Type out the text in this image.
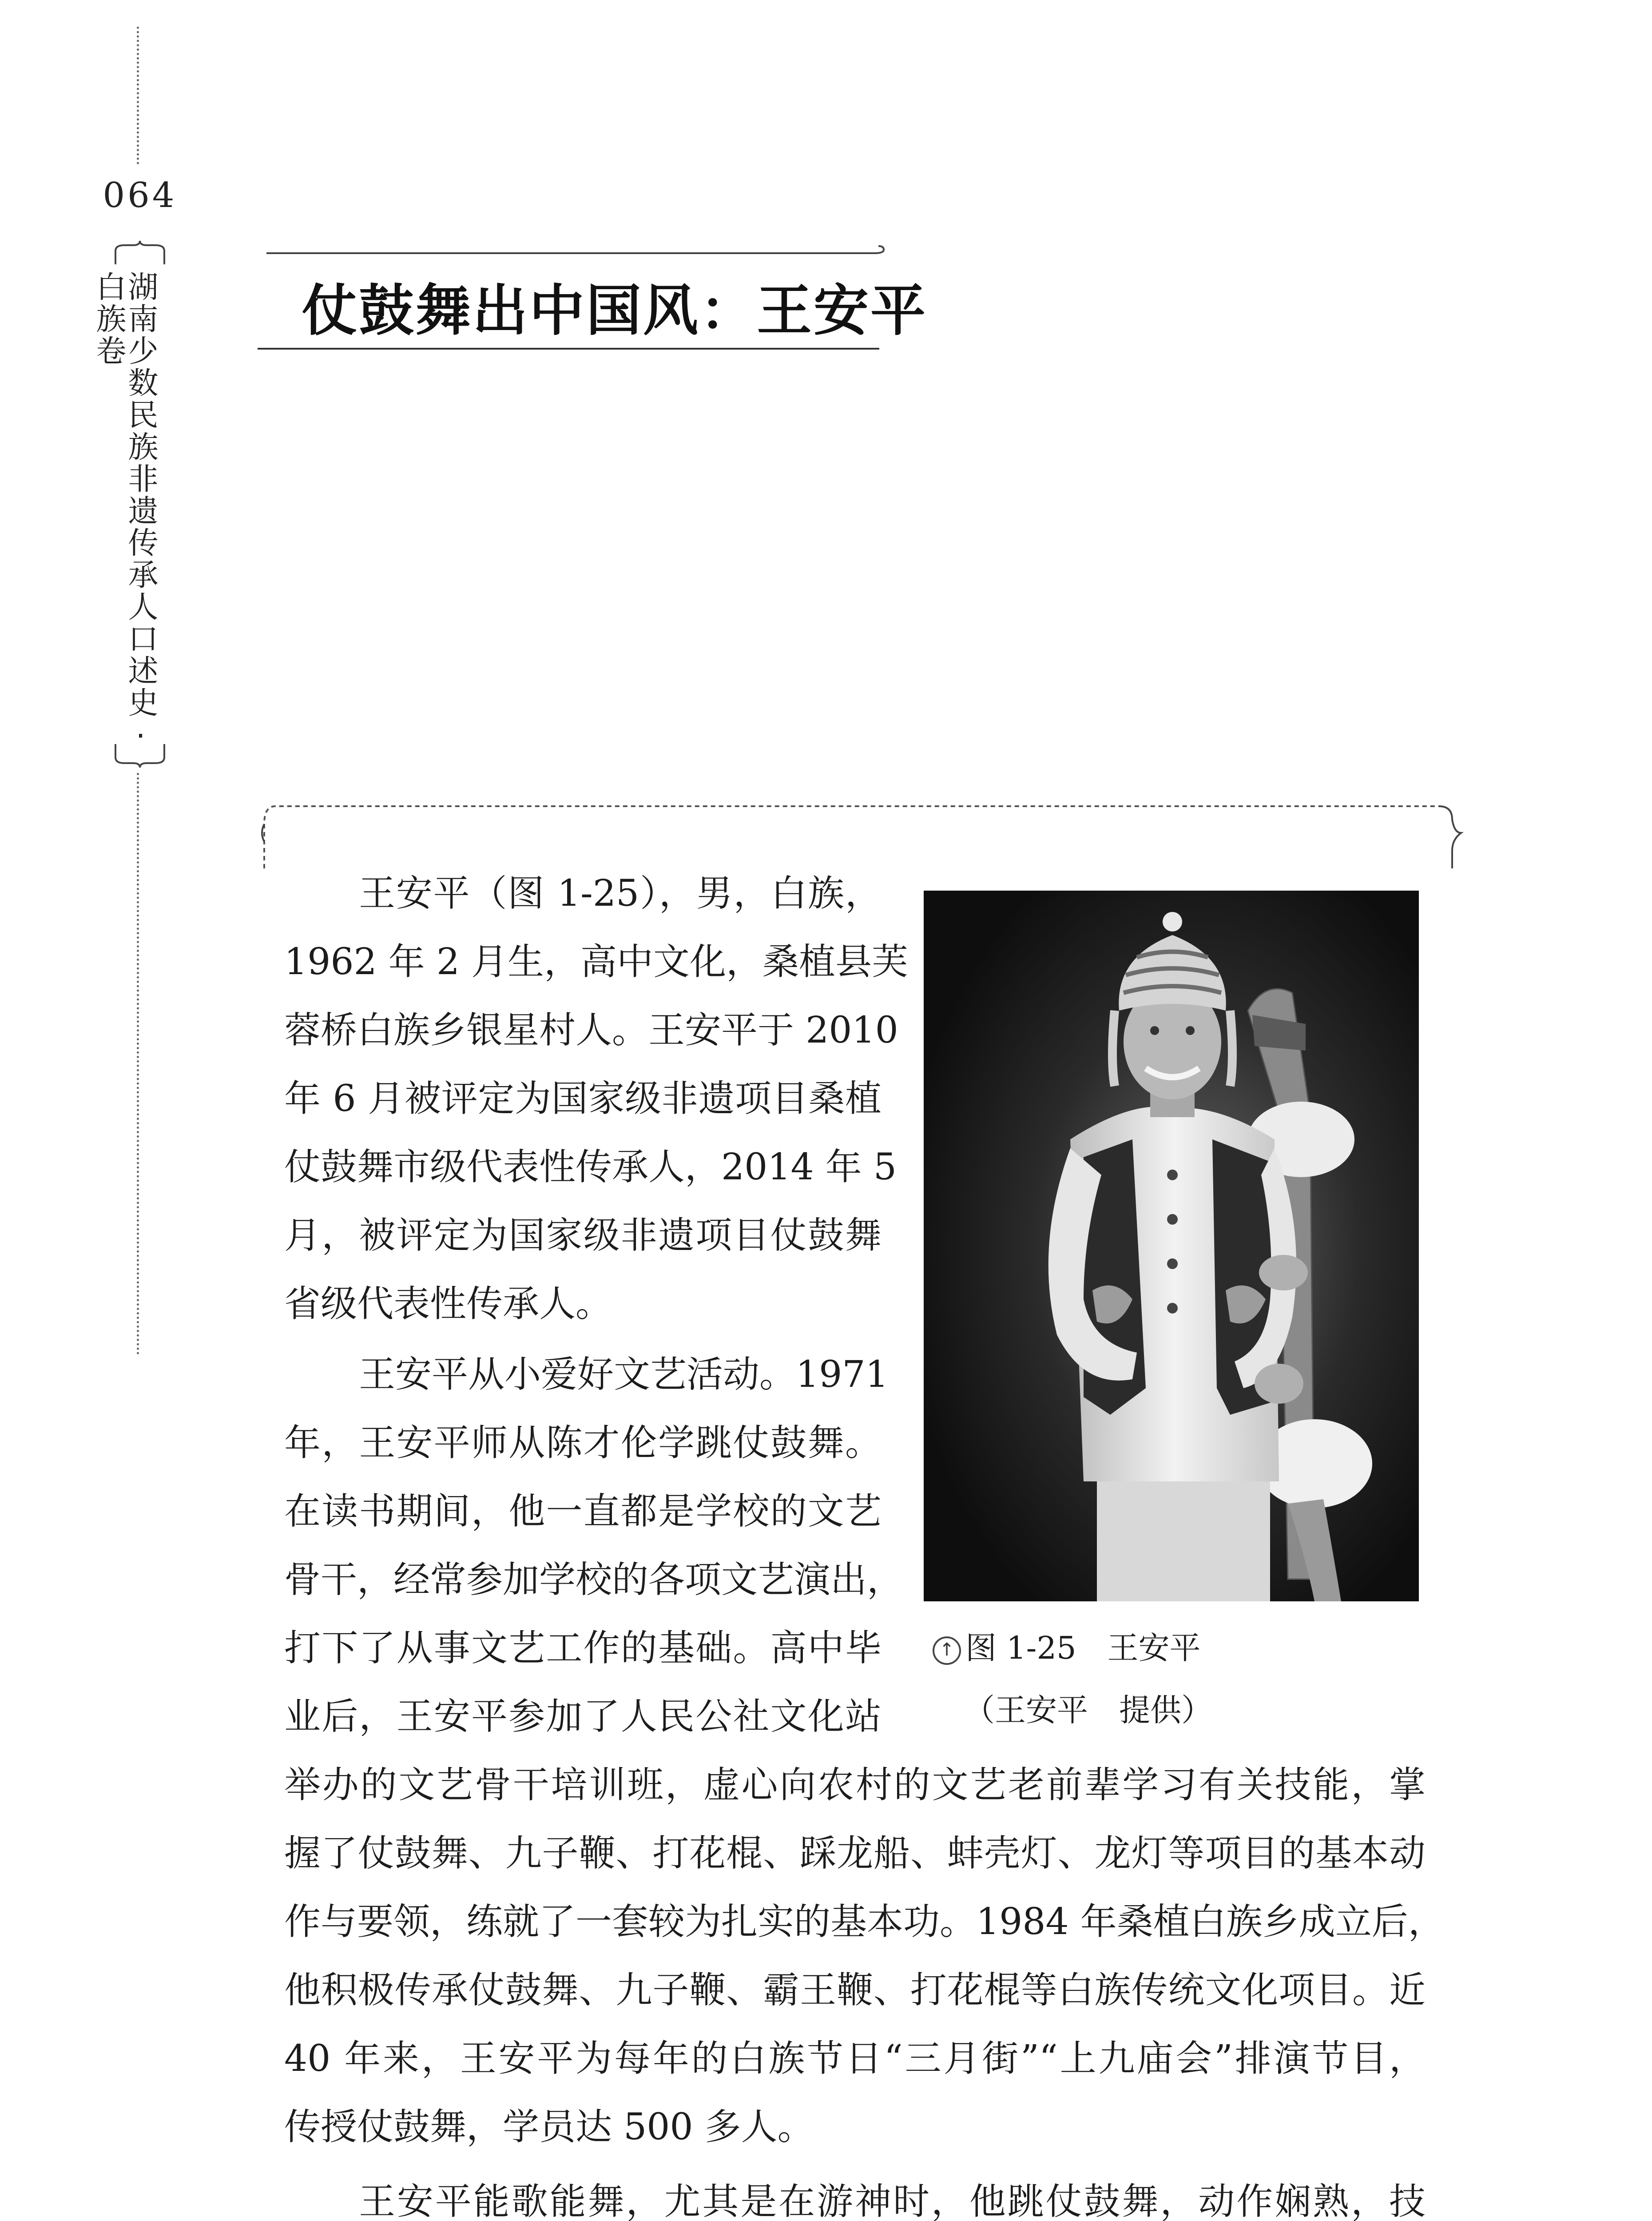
064
湖南少数民族非遗传承人口述史·白族卷	仗鼓舞出中国风：王安平
王安平（图 1-25），男，白族，
1962 年 2 月生，高中文化，桑植县芙
蓉桥白族乡银星村人。王安平于 2010
年 6 月被评定为国家级非遗项目桑植
仗鼓舞市级代表性传承人，2014 年 5
月，被评定为国家级非遗项目仗鼓舞
省级代表性传承人。
王安平从小爱好文艺活动。1971
年，王安平师从陈才伦学跳仗鼓舞。
在读书期间，他一直都是学校的文艺
骨干，经常参加学校的各项文艺演出，
打下了从事文艺工作的基础。高中毕
业后，王安平参加了人民公社文化站
举办的文艺骨干培训班，虚心向农村的文艺老前辈学习有关技能，掌
握了仗鼓舞、九子鞭、打花棍、踩龙船、蚌壳灯、龙灯等项目的基本动
作与要领，练就了一套较为扎实的基本功。1984 年桑植白族乡成立后，
他积极传承仗鼓舞、九子鞭、霸王鞭、打花棍等白族传统文化项目。近
40 年来，王安平为每年的白族节日“三月街”“上九庙会”排演节目，
传授仗鼓舞，学员达 500 多人。
王安平能歌能舞，尤其是在游神时，他跳仗鼓舞，动作娴熟，技
↑ 图 1-25　 王安平
（王安平　提供）
